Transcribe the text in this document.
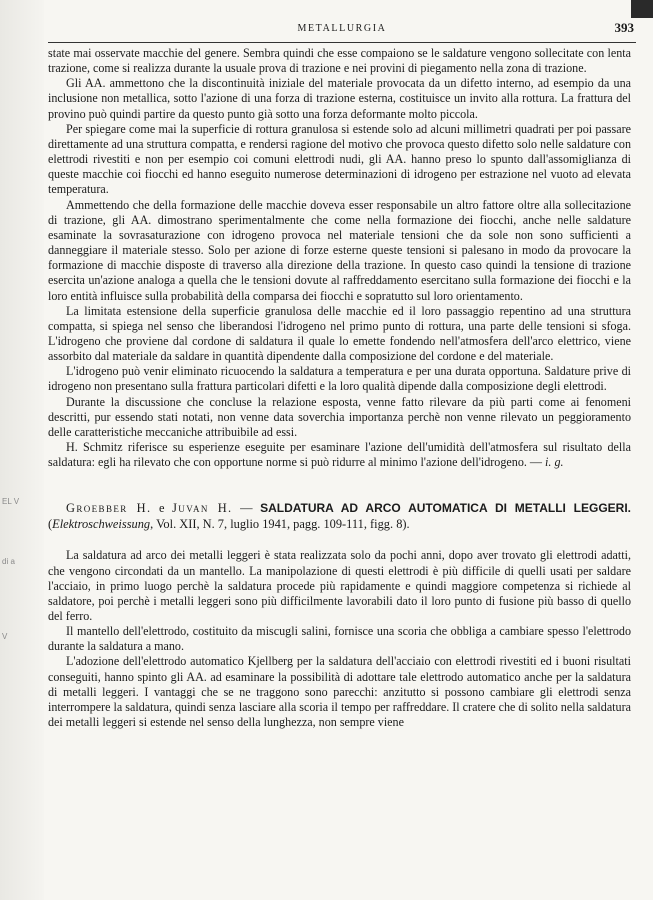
EL V
di a
V
METALLURGIA	393

state mai osservate macchie del genere. Sembra quindi che esse compaiono se le saldature vengono sollecitate con lenta trazione, come si realizza durante la usuale prova di trazione e nei provini di piegamento nella zona di trazione.

Gli AA. ammettono che la discontinuità iniziale del materiale provocata da un difetto interno, ad esempio da una inclusione non metallica, sotto l'azione di una forza di trazione esterna, costituisce un invito alla rottura. La frattura del provino può quindi partire da questo punto già sotto una forza deformante molto piccola.

Per spiegare come mai la superficie di rottura granulosa si estende solo ad alcuni millimetri quadrati per poi passare direttamente ad una struttura compatta, e rendersi ragione del motivo che provoca questo difetto solo nelle saldature con elettrodi rivestiti e non per esempio coi comuni elettrodi nudi, gli AA. hanno preso lo spunto dall'assomiglianza di queste macchie coi fiocchi ed hanno eseguito numerose determinazioni di idrogeno per estrazione nel vuoto ad elevata temperatura.

Ammettendo che della formazione delle macchie doveva esser responsabile un altro fattore oltre alla sollecitazione di trazione, gli AA. dimostrano sperimentalmente che come nella formazione dei fiocchi, anche nelle saldature esaminate la sovrasaturazione con idrogeno provoca nel materiale tensioni che da sole non sono sufficienti a danneggiare il materiale stesso. Solo per azione di forze esterne queste tensioni si palesano in modo da provocare la formazione di macchie disposte di traverso alla direzione della trazione. In questo caso quindi la tensione di trazione esercita un'azione analoga a quella che le tensioni dovute al raffreddamento esercitano sulla formazione dei fiocchi e la loro entità influisce sulla probabilità della comparsa dei fiocchi e sopratutto sul loro orientamento.

La limitata estensione della superficie granulosa delle macchie ed il loro passaggio repentino ad una struttura compatta, si spiega nel senso che liberandosi l'idrogeno nel primo punto di rottura, una parte delle tensioni si sfoga. L'idrogeno che proviene dal cordone di saldatura il quale lo emette fondendo nell'atmosfera dell'arco elettrico, viene assorbito dal materiale da saldare in quantità dipendente dalla composizione del cordone e del materiale.

L'idrogeno può venir eliminato ricuocendo la saldatura a temperatura e per una durata opportuna. Saldature prive di idrogeno non presentano sulla frattura particolari difetti e la loro qualità dipende dalla composizione degli elettrodi.

Durante la discussione che concluse la relazione esposta, venne fatto rilevare da più parti come ai fenomeni descritti, pur essendo stati notati, non venne data soverchia importanza perchè non venne rilevato un peggioramento delle caratteristiche meccaniche attribuibile ad essi.

H. Schmitz riferisce su esperienze eseguite per esaminare l'azione dell'umidità dell'atmosfera sul risultato della saldatura: egli ha rilevato che con opportune norme si può ridurre al minimo l'azione dell'idrogeno. — i. g.

Groebber H. e Juvan H. — SALDATURA AD ARCO AUTOMATICA DI METALLI LEGGERI. (Elektroschweissung, Vol. XII, N. 7, luglio 1941, pagg. 109-111, figg. 8).

La saldatura ad arco dei metalli leggeri è stata realizzata solo da pochi anni, dopo aver trovato gli elettrodi adatti, che vengono circondati da un mantello. La manipolazione di questi elettrodi è più difficile di quelli usati per saldare l'acciaio, in primo luogo perchè la saldatura procede più rapidamente e quindi maggiore competenza si richiede al saldatore, poi perchè i metalli leggeri sono più difficilmente lavorabili dato il loro punto di fusione più basso di quello del ferro.

Il mantello dell'elettrodo, costituito da miscugli salini, fornisce una scoria che obbliga a cambiare spesso l'elettrodo durante la saldatura a mano.

L'adozione dell'elettrodo automatico Kjellberg per la saldatura dell'acciaio con elettrodi rivestiti ed i buoni risultati conseguiti, hanno spinto gli AA. ad esaminare la possibilità di adottare tale elettrodo automatico anche per la saldatura di metalli leggeri. I vantaggi che se ne traggono sono parecchi: anzitutto si possono cambiare gli elettrodi senza interrompere la saldatura, quindi senza lasciare alla scoria il tempo per raffreddare. Il cratere che di solito nella saldatura dei metalli leggeri si estende nel senso della lunghezza, non sempre viene
